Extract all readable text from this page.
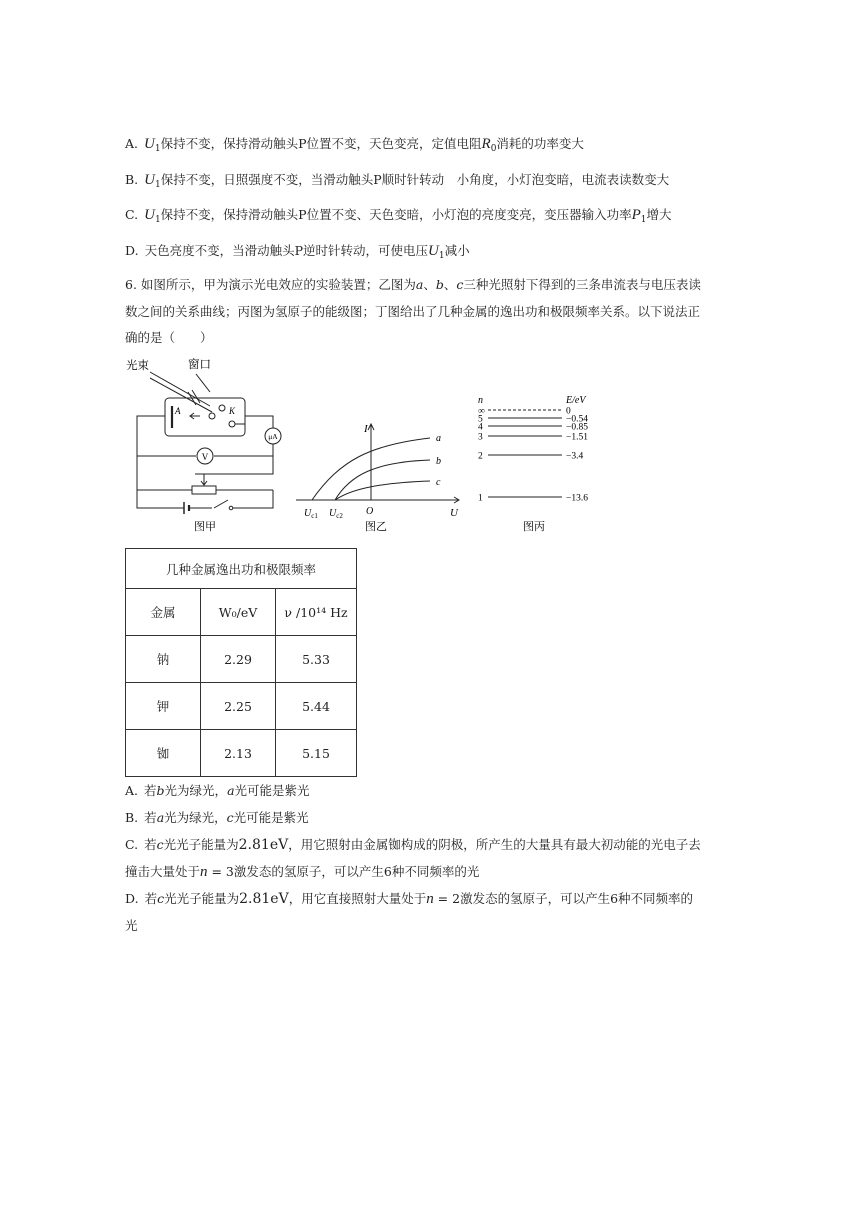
A. $U_1$保持不变，保持滑动触头P位置不变，天色变亮，定值电阻$R_0$消耗的功率变大
B. $U_1$保持不变，日照强度不变，当滑动触头P顺时针转动　小角度，小灯泡变暗，电流表读数变大
C. $U_1$保持不变，保持滑动触头P位置不变、天色变暗，小灯泡的亮度变亮，变压器输入功率$P_1$增大
D. 天色亮度不变，当滑动触头P逆时针转动，可使电压$U_1$减小
6. 如图所示，甲为演示光电效应的实验装置；乙图为a、b、c三种光照射下得到的三条串流表与电压表读
数之间的关系曲线；丙图为氢原子的能级图；丁图给出了几种金属的逸出功和极限频率关系。以下说法正
确的是（　　）
光束	窗口
A	K
μA
V
图甲
I
U
O
a
b
c
$U_{c1}$ $U_{c2}$
图乙
n	E/eV
∞	0
5	−0.54
4	−0.85
3	−1.51
2	−3.4
1	−13.6
图丙
几种金属逸出功和极限频率		
金属	W₀/eV	ν /10¹⁴ Hz
钠	2.29	5.33
钾	2.25	5.44
铷	2.13	5.15
A. 若b光为绿光，a光可能是紫光
B. 若a光为绿光，c光可能是紫光
C. 若c光光子能量为2.81eV，用它照射由金属铷构成的阴极，所产生的大量具有最大初动能的光电子去
撞击大量处于n = 3激发态的氢原子，可以产生6种不同频率的光
D. 若c光光子能量为2.81eV，用它直接照射大量处于n = 2激发态的氢原子，可以产生6种不同频率的
光
